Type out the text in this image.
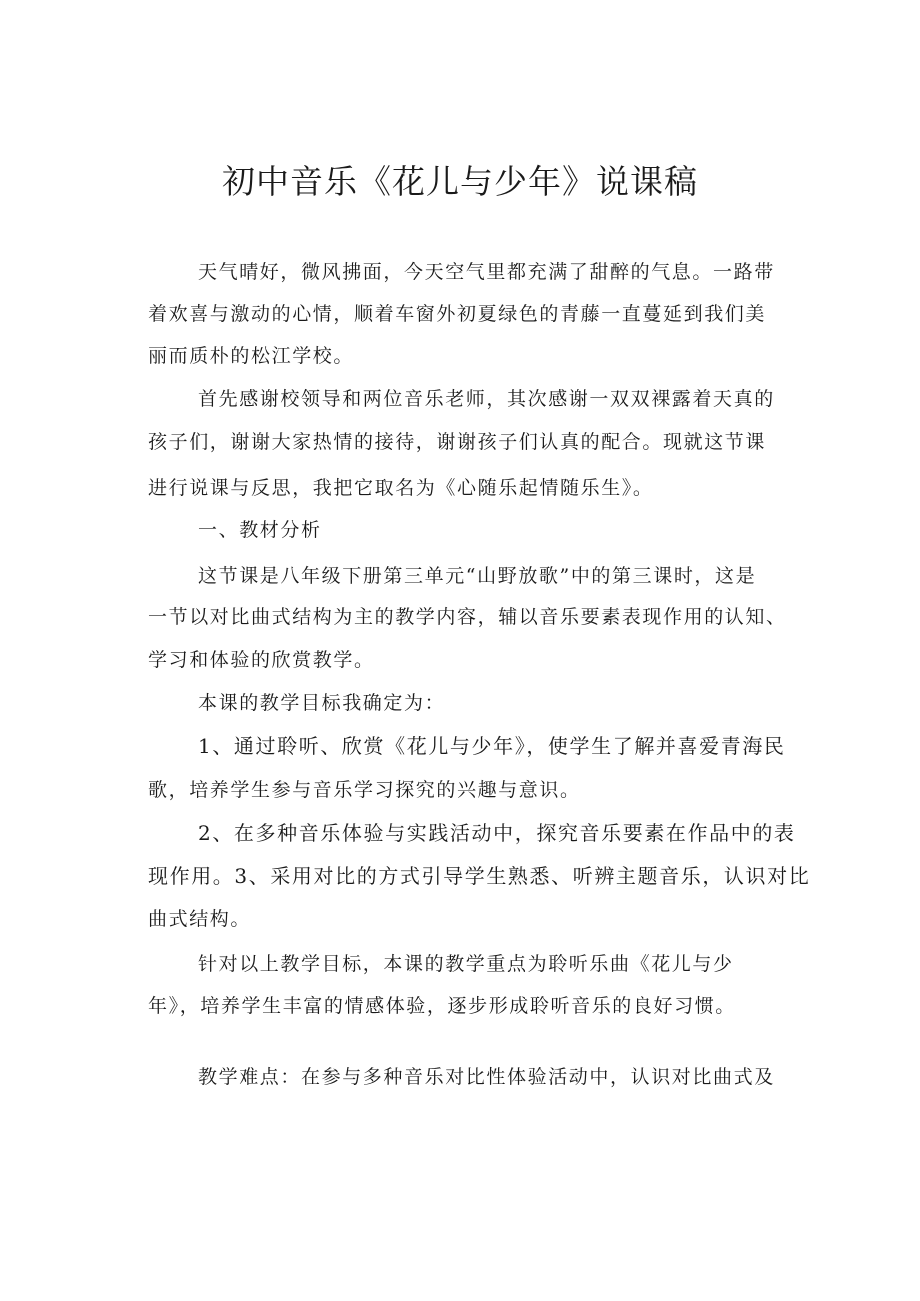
初中音乐《花儿与少年》说课稿
天气晴好，微风拂面，今天空气里都充满了甜醉的气息。一路带
着欢喜与激动的心情，顺着车窗外初夏绿色的青藤一直蔓延到我们美
丽而质朴的松江学校。
首先感谢校领导和两位音乐老师，其次感谢一双双裸露着天真的
孩子们，谢谢大家热情的接待，谢谢孩子们认真的配合。现就这节课
进行说课与反思，我把它取名为《心随乐起情随乐生》。
一、教材分析
这节课是八年级下册第三单元“山野放歌”中的第三课时，这是
一节以对比曲式结构为主的教学内容，辅以音乐要素表现作用的认知、
学习和体验的欣赏教学。
本课的教学目标我确定为：
1、通过聆听、欣赏《花儿与少年》，使学生了解并喜爱青海民
歌，培养学生参与音乐学习探究的兴趣与意识。
2、在多种音乐体验与实践活动中，探究音乐要素在作品中的表
现作用。3、采用对比的方式引导学生熟悉、听辨主题音乐，认识对比
曲式结构。
针对以上教学目标，本课的教学重点为聆听乐曲《花儿与少
年》，培养学生丰富的情感体验，逐步形成聆听音乐的良好习惯。
教学难点：在参与多种音乐对比性体验活动中，认识对比曲式及
